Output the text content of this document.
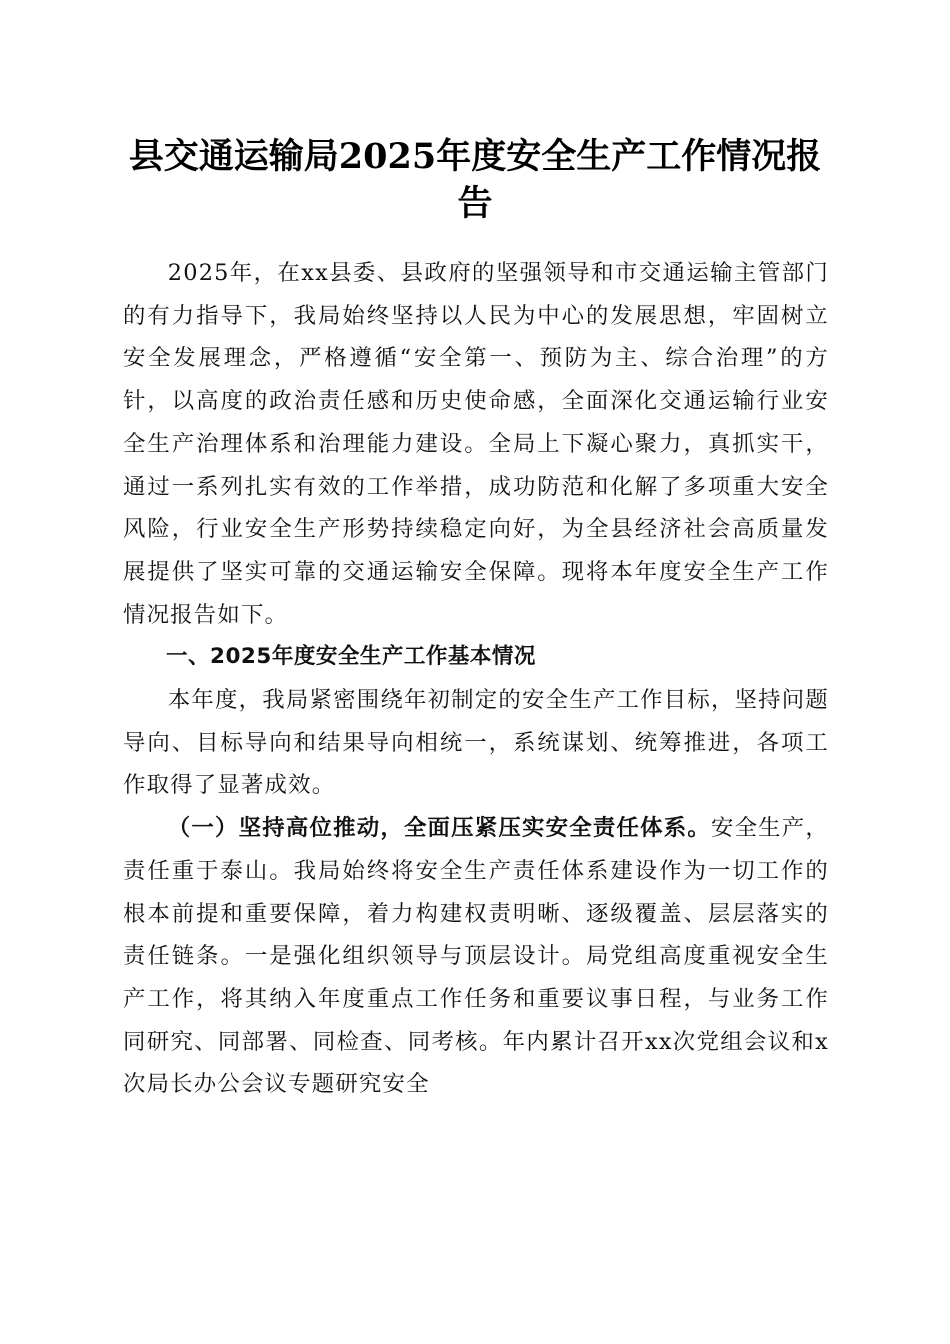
县交通运输局2025年度安全生产工作情况报告

2025年，在xx县委、县政府的坚强领导和市交通运输主管部门的有力指导下，我局始终坚持以人民为中心的发展思想，牢固树立安全发展理念，严格遵循“安全第一、预防为主、综合治理”的方针，以高度的政治责任感和历史使命感，全面深化交通运输行业安全生产治理体系和治理能力建设。全局上下凝心聚力，真抓实干，通过一系列扎实有效的工作举措，成功防范和化解了多项重大安全风险，行业安全生产形势持续稳定向好，为全县经济社会高质量发展提供了坚实可靠的交通运输安全保障。现将本年度安全生产工作情况报告如下。

一、2025年度安全生产工作基本情况

本年度，我局紧密围绕年初制定的安全生产工作目标，坚持问题导向、目标导向和结果导向相统一，系统谋划、统筹推进，各项工作取得了显著成效。

（一）坚持高位推动，全面压紧压实安全责任体系。安全生产，责任重于泰山。我局始终将安全生产责任体系建设作为一切工作的根本前提和重要保障，着力构建权责明晰、逐级覆盖、层层落实的责任链条。一是强化组织领导与顶层设计。局党组高度重视安全生产工作，将其纳入年度重点工作任务和重要议事日程，与业务工作同研究、同部署、同检查、同考核。年内累计召开xx次党组会议和x次局长办公会议专题研究安全
